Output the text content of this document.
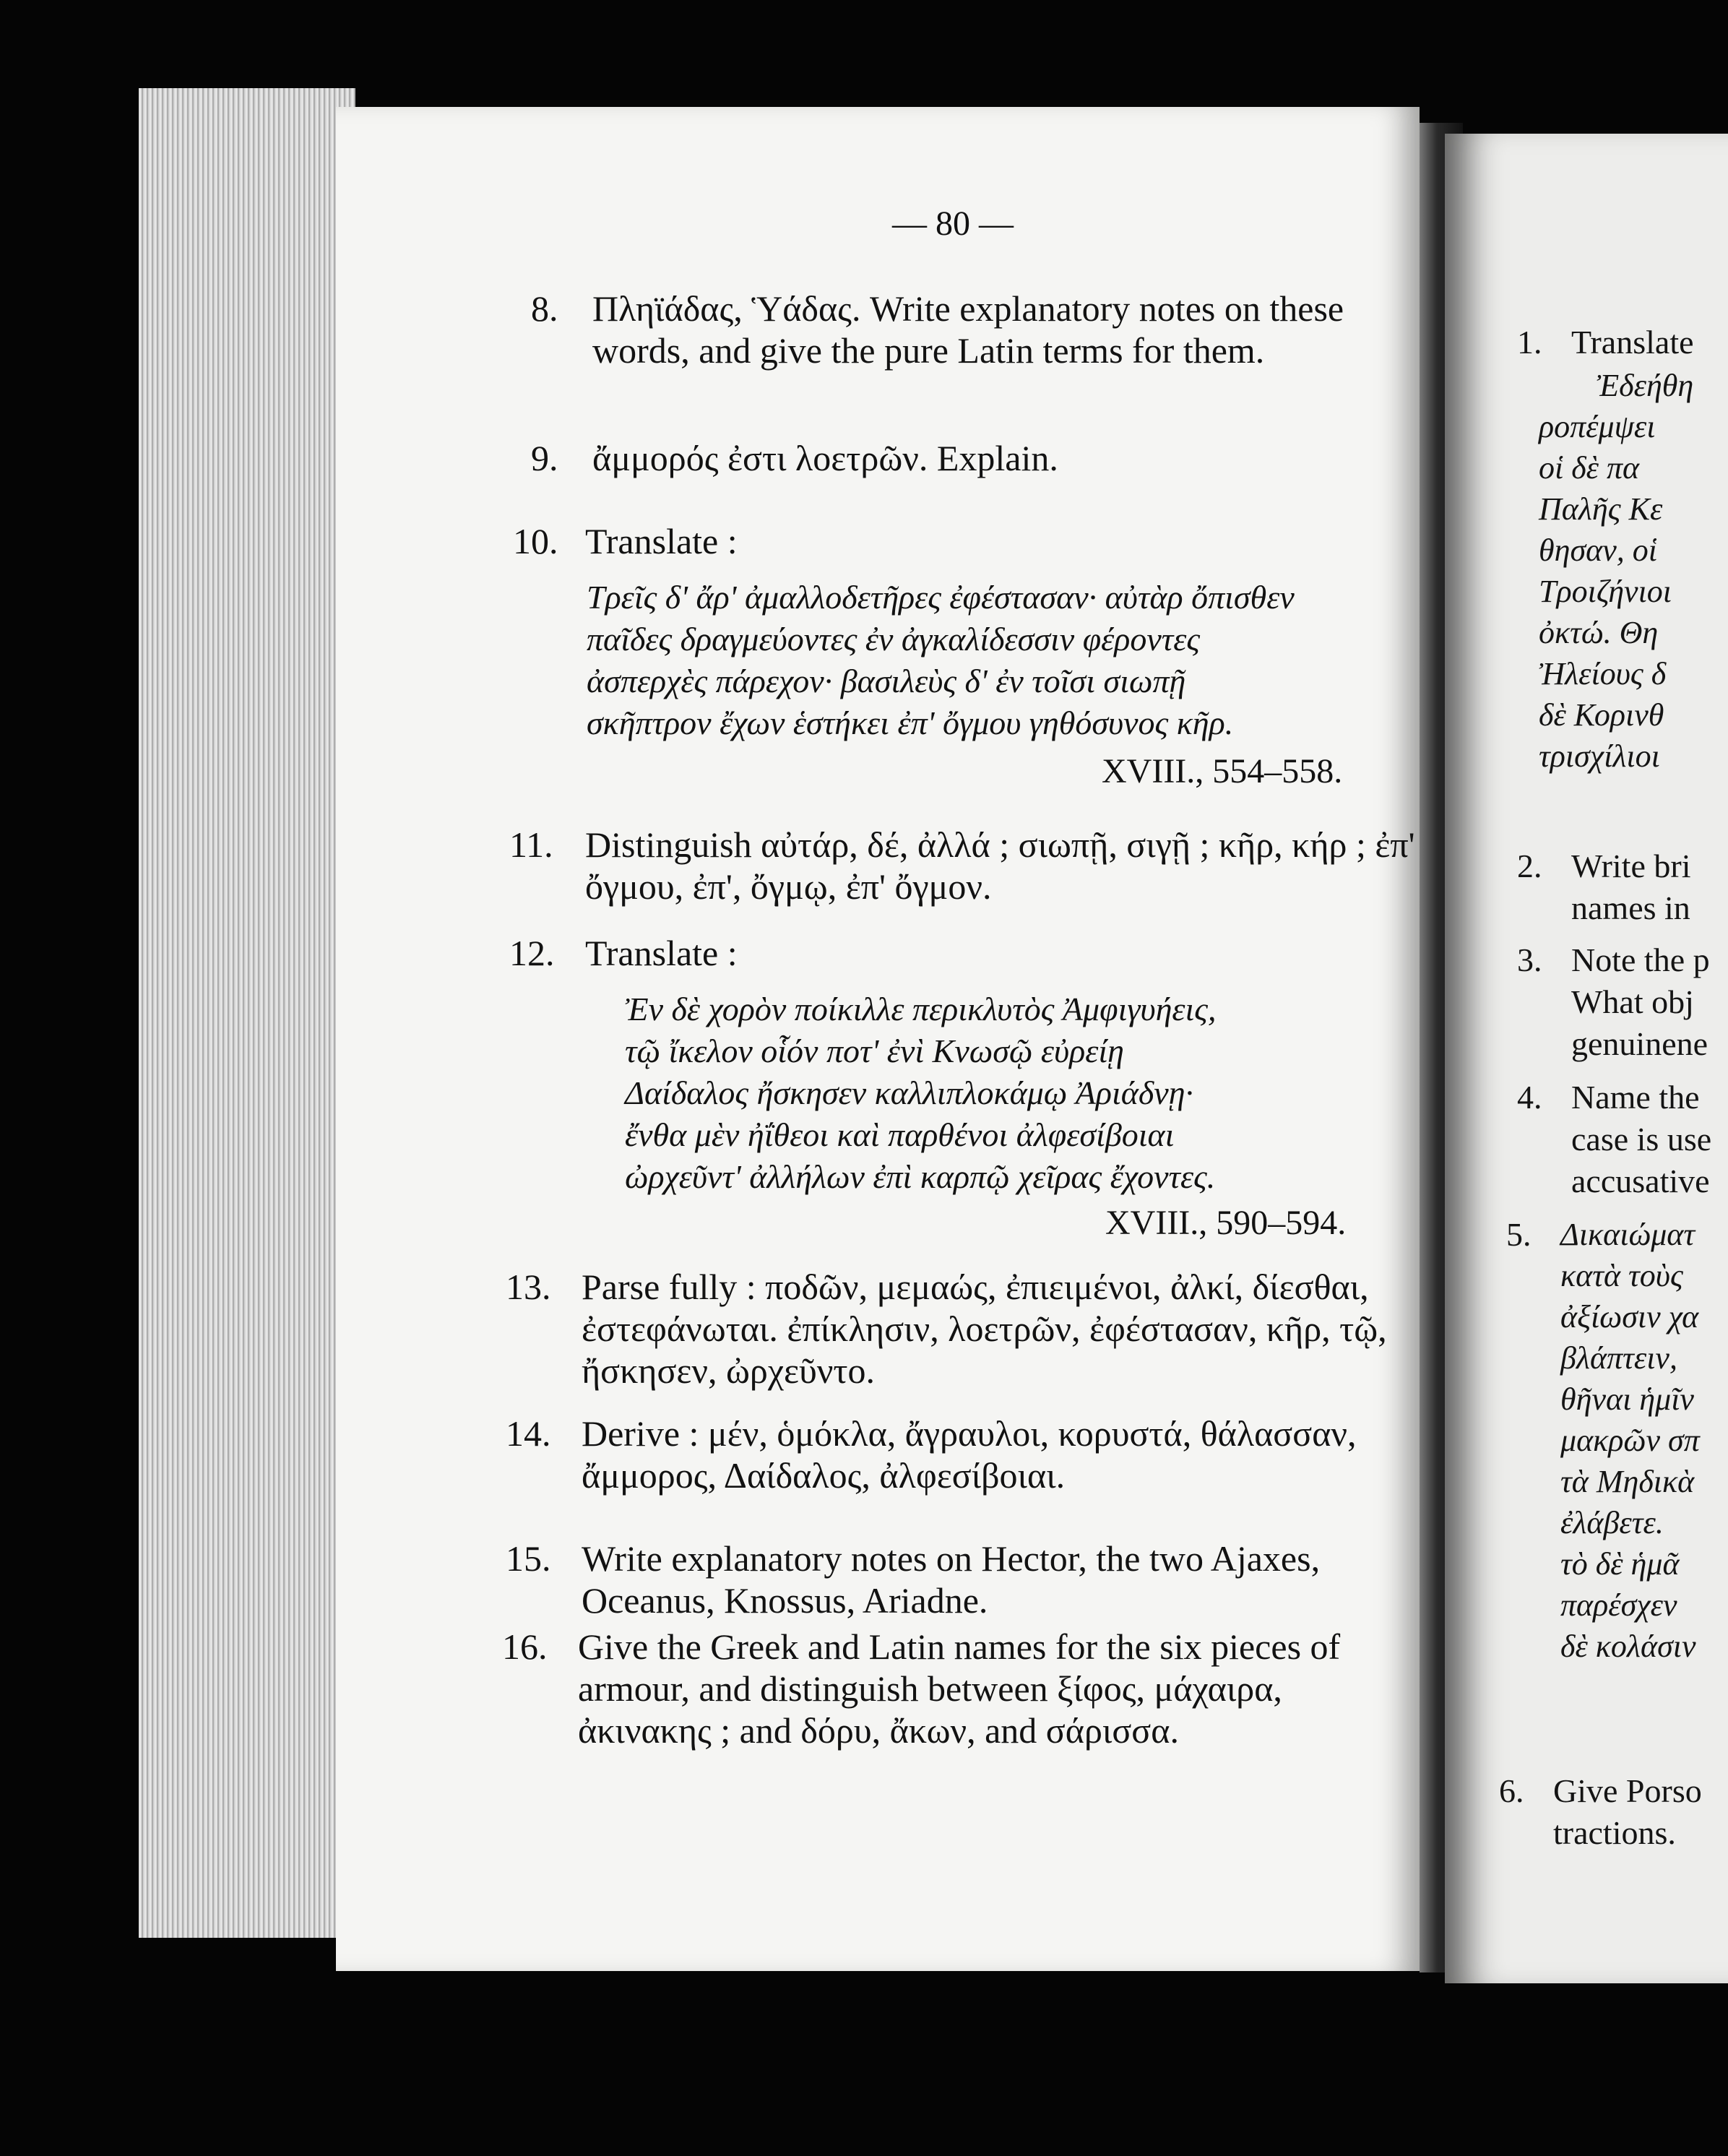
— 80 —
8. Πληϊάδας, Ὑάδας. Write explanatory notes on these words, and give the pure Latin terms for them.
9. ἄμμορός ἐστι λοετρῶν. Explain.
10. Translate :
Τρεῖς δ' ἄρ' ἀμαλλοδετῆρες ἐφέστασαν· αὐτὰρ ὄπισθεν
παῖδες δραγμεύοντες ἐν ἀγκαλίδεσσιν φέροντες
ἀσπερχὲς πάρεχον· βασιλεὺς δ' ἐν τοῖσι σιωπῇ
σκῆπτρον ἔχων ἑστήκει ἐπ' ὄγμου γηθόσυνος κῆρ.
XVIII., 554–558.
11. Distinguish αὐτάρ, δέ, ἀλλά ; σιωπῇ, σιγῇ ; κῆρ, κήρ ; ἐπ' ὄγμου, ἐπ', ὄγμῳ, ἐπ' ὄγμον.
12. Translate :
Ἐν δὲ χορὸν ποίκιλλε περικλυτὸς Ἀμφιγυήεις,
τῷ ἴκελον οἷόν ποτ' ἐνὶ Κνωσῷ εὐρείῃ
Δαίδαλος ἤσκησεν καλλιπλοκάμῳ Ἀριάδνῃ·
ἔνθα μὲν ἠΐθεοι καὶ παρθένοι ἀλφεσίβοιαι
ὠρχεῦντ' ἀλλήλων ἐπὶ καρπῷ χεῖρας ἔχοντες.
XVIII., 590–594.
13. Parse fully : ποδῶν, μεμαώς, ἐπιειμένοι, ἀλκί, δίεσθαι, ἐστεφάνωται. ἐπίκλησιν, λοετρῶν, ἐφέστασαν, κῆρ, τῷ, ἤσκησεν, ὠρχεῦντο.
14. Derive : μέν, ὁμόκλα, ἄγραυλοι, κορυστά, θάλασσαν, ἄμμορος, Δαίδαλος, ἀλφεσίβοιαι.
15. Write explanatory notes on Hector, the two Ajaxes, Oceanus, Knossus, Ariadne.
16. Give the Greek and Latin names for the six pieces of armour, and distinguish between ξίφος, μάχαιρα, ἀκινακης ; and δόρυ, ἄκων, and σάρισσα.
1. Translate
Ἐδεήθη
ροπέμψει
οἱ δὲ πα
Παλῆς Κε
θησαν, οἱ
Τροιζήνιοι
ὀκτώ. Θη
Ἠλείους δ
δὲ Κορινθ
τρισχίλιοι
2. Write bri
names in
3. Note the p
What obj
genuinene
4. Name the
case is use
accusative
5. Δικαιώματ
κατὰ τοὺς
ἀξίωσιν χα
βλάπτειν,
θῆναι ἡμῖν
μακρῶν σπ
τὰ Μηδικὰ
ἐλάβετε.
τὸ δὲ ἡμᾶ
παρέσχεν
δὲ κολάσιν
6. Give Porso
tractions.
